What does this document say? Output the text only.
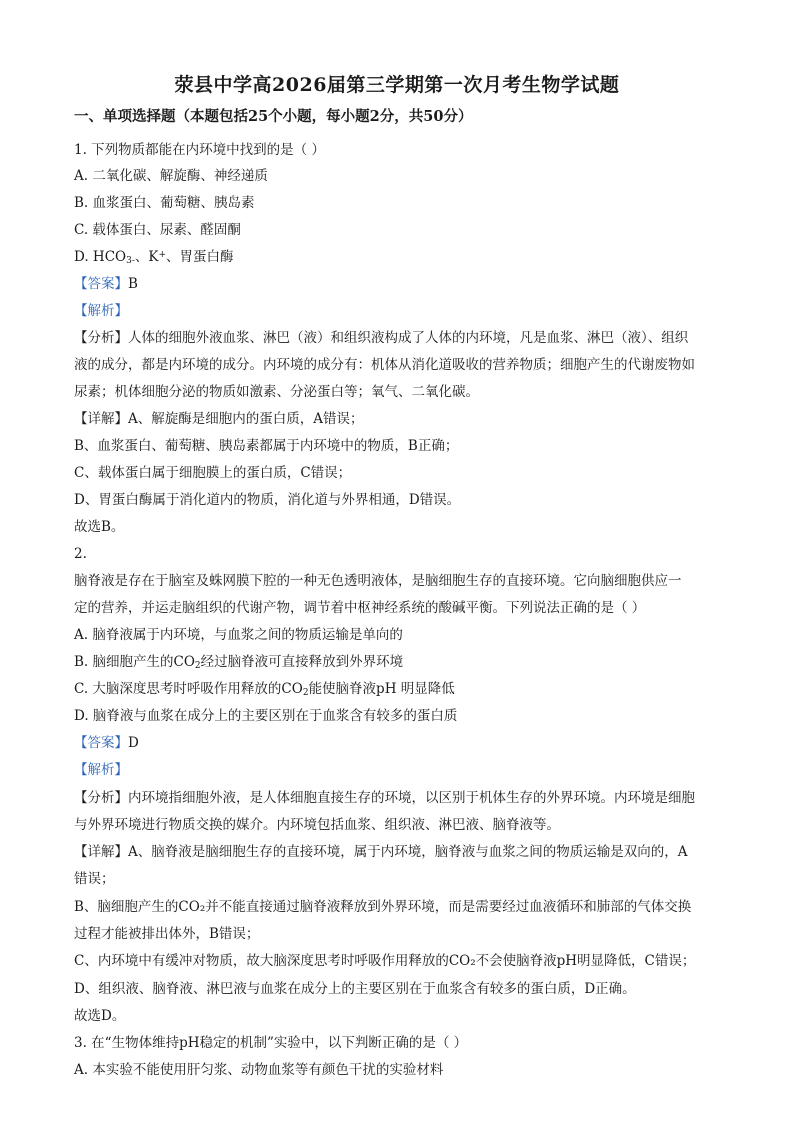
荥县中学高2026届第三学期第一次月考生物学试题
一、单项选择题（本题包括25个小题，每小题2分，共50分）
1. 下列物质都能在内环境中找到的是（ ）
A. 二氧化碳、解旋酶、神经递质
B. 血浆蛋白、葡萄糖、胰岛素
C. 载体蛋白、尿素、醛固酮
D. $HCO_{3-}$、K+、胃蛋白酶
【答案】B
【解析】
【分析】人体的细胞外液血浆、淋巴（液）和组织液构成了人体的内环境，凡是血浆、淋巴（液）、组织
液的成分，都是内环境的成分。内环境的成分有：机体从消化道吸收的营养物质；细胞产生的代谢废物如
尿素；机体细胞分泌的物质如激素、分泌蛋白等；氧气、二氧化碳。
【详解】A、解旋酶是细胞内的蛋白质，A错误；
B、血浆蛋白、葡萄糖、胰岛素都属于内环境中的物质，B正确；
C、载体蛋白属于细胞膜上的蛋白质，C错误；
D、胃蛋白酶属于消化道内的物质，消化道与外界相通，D错误。
故选B。
2.
脑脊液是存在于脑室及蛛网膜下腔的一种无色透明液体，是脑细胞生存的直接环境。它向脑细胞供应一
定的营养，并运走脑组织的代谢产物，调节着中枢神经系统的酸碱平衡。下列说法正确的是（ ）
A. 脑脊液属于内环境，与血浆之间的物质运输是单向的
B. 脑细胞产生的$CO_2$经过脑脊液可直接释放到外界环境
C. 大脑深度思考时呼吸作用释放的$CO_2$能使脑脊液pH 明显降低
D. 脑脊液与血浆在成分上的主要区别在于血浆含有较多的蛋白质
【答案】D
【解析】
【分析】内环境指细胞外液，是人体细胞直接生存的环境，以区别于机体生存的外界环境。内环境是细胞
与外界环境进行物质交换的媒介。内环境包括血浆、组织液、淋巴液、脑脊液等。
【详解】A、脑脊液是脑细胞生存的直接环境，属于内环境，脑脊液与血浆之间的物质运输是双向的，A
错误；
B、脑细胞产生的CO₂并不能直接通过脑脊液释放到外界环境，而是需要经过血液循环和肺部的气体交换
过程才能被排出体外，B错误；
C、内环境中有缓冲对物质，故大脑深度思考时呼吸作用释放的CO₂不会使脑脊液pH明显降低，C错误；
D、组织液、脑脊液、淋巴液与血浆在成分上的主要区别在于血浆含有较多的蛋白质，D正确。
故选D。
3. 在“生物体维持pH稳定的机制”实验中，以下判断正确的是（ ）
A. 本实验不能使用肝匀浆、动物血浆等有颜色干扰的实验材料
